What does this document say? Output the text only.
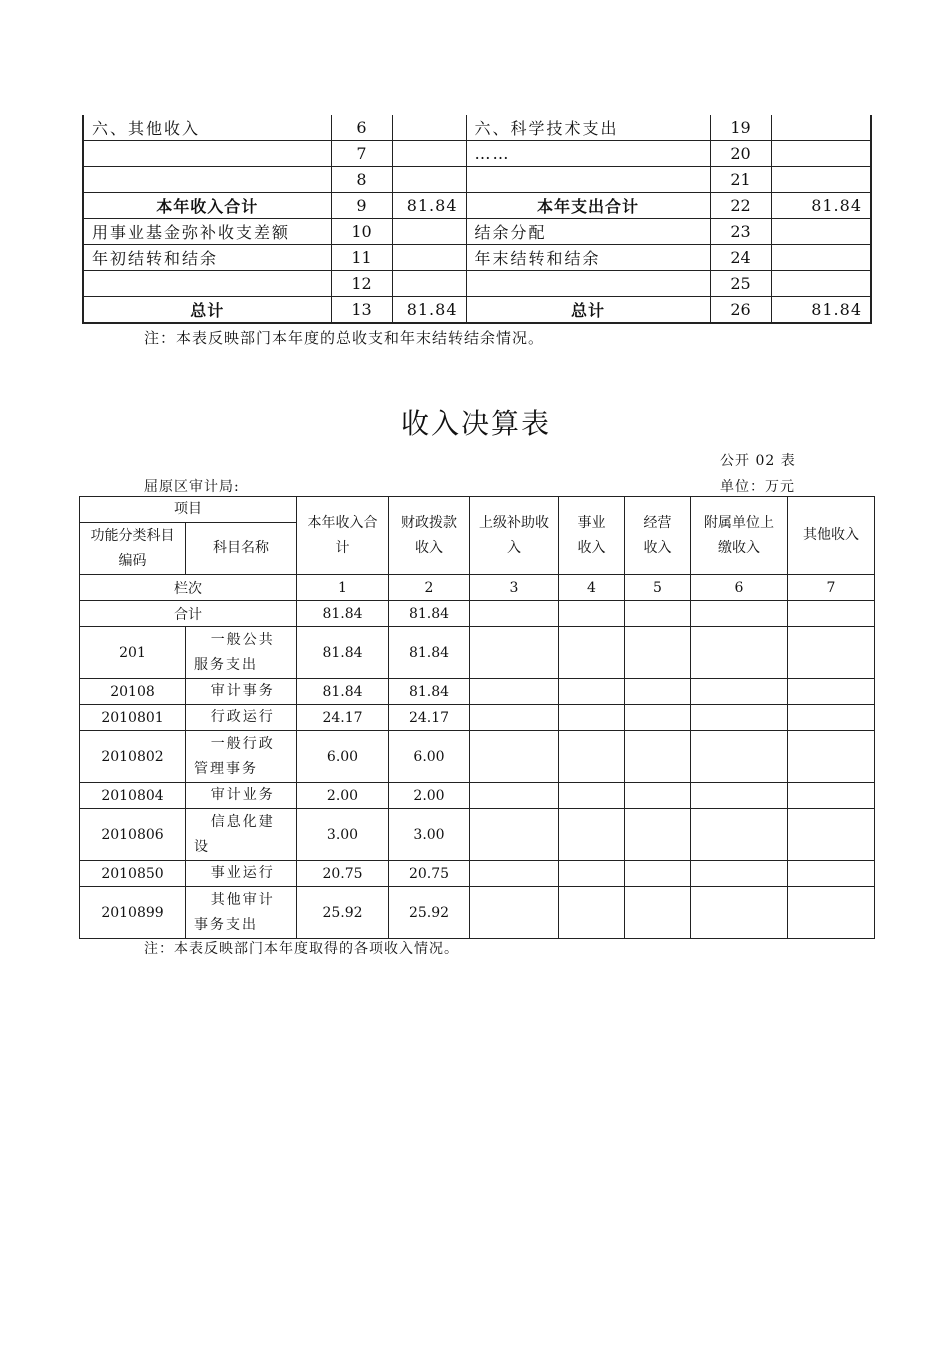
六、其他收入	6		六、科学技术支出	19	
	7		……	20	
	8			21	
本年收入合计	9	81.84	本年支出合计	22	81.84
用事业基金弥补收支差额	10		结余分配	23	
年初结转和结余	11		年末结转和结余	24	
	12			25	
总计	13	81.84	总计	26	81.84
注：本表反映部门本年度的总收支和年末结转结余情况。
收入决算表
公开 02 表
屈原区审计局:	单位：万元
项目		本年收入合计	财政拨款收入	上级补助收入	事业收入	经营收入	附属单位上缴收入	其他收入

功能分类科目编码	科目名称							
栏次		1	2	3	4	5	6	7
合计		81.84	81.84					
201	一般公共服务支出	81.84	81.84					
20108	审计事务	81.84	81.84					
2010801	行政运行	24.17	24.17					
2010802	一般行政管理事务	6.00	6.00					
2010804	审计业务	2.00	2.00					
2010806	信息化建设	3.00	3.00					
2010850	事业运行	20.75	20.75					
2010899	其他审计事务支出	25.92	25.92					
注：本表反映部门本年度取得的各项收入情况。
